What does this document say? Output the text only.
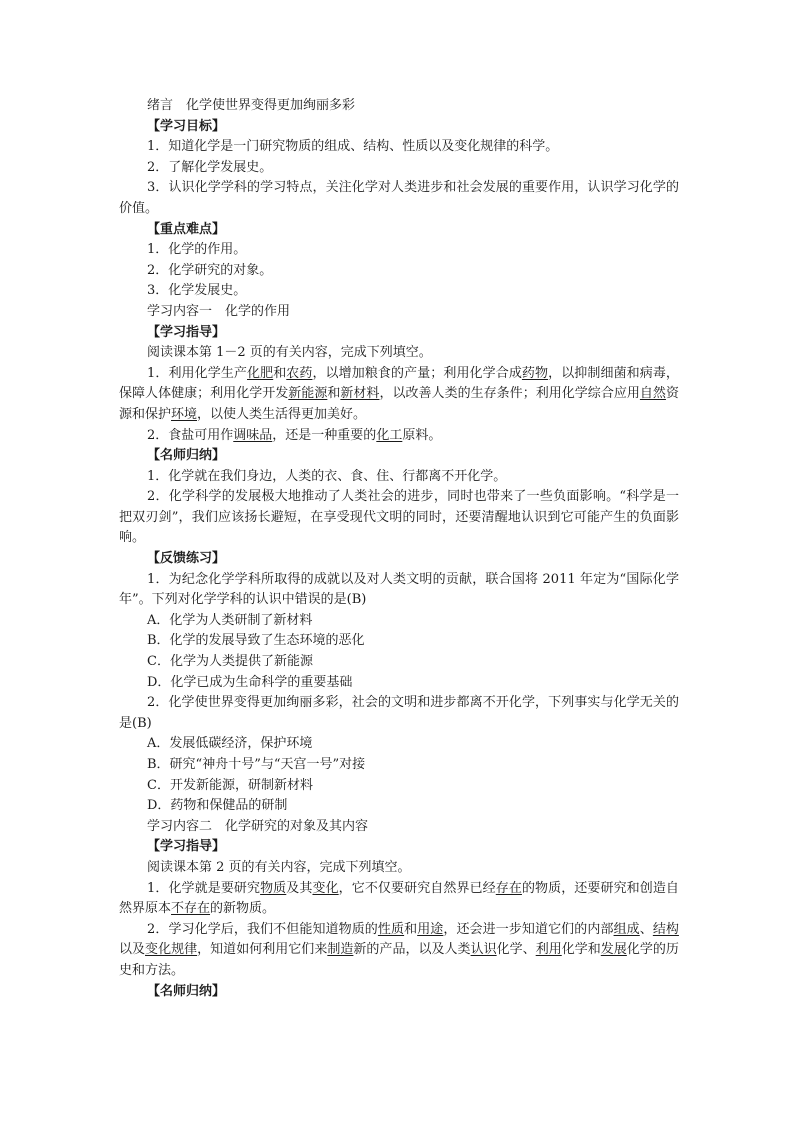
绪言　化学使世界变得更加绚丽多彩

【学习目标】

1．知道化学是一门研究物质的组成、结构、性质以及变化规律的科学。

2．了解化学发展史。

3．认识化学学科的学习特点，关注化学对人类进步和社会发展的重要作用，认识学习化学的价值。

【重点难点】

1．化学的作用。

2．化学研究的对象。

3．化学发展史。

学习内容一　化学的作用

【学习指导】

阅读课本第 1－2 页的有关内容，完成下列填空。

1．利用化学生产化肥和农药，以增加粮食的产量；利用化学合成药物，以抑制细菌和病毒，保障人体健康；利用化学开发新能源和新材料，以改善人类的生存条件；利用化学综合应用自然资源和保护环境，以使人类生活得更加美好。

2．食盐可用作调味品，还是一种重要的化工原料。

【名师归纳】

1．化学就在我们身边，人类的衣、食、住、行都离不开化学。

2．化学科学的发展极大地推动了人类社会的进步，同时也带来了一些负面影响。“科学是一把双刃剑”，我们应该扬长避短，在享受现代文明的同时，还要清醒地认识到它可能产生的负面影响。

【反馈练习】

1．为纪念化学学科所取得的成就以及对人类文明的贡献，联合国将 2011 年定为“国际化学年”。下列对化学学科的认识中错误的是(B)

A．化学为人类研制了新材料

B．化学的发展导致了生态环境的恶化

C．化学为人类提供了新能源

D．化学已成为生命科学的重要基础

2．化学使世界变得更加绚丽多彩，社会的文明和进步都离不开化学，下列事实与化学无关的是(B)

A．发展低碳经济，保护环境

B．研究“神舟十号”与“天宫一号”对接

C．开发新能源，研制新材料

D．药物和保健品的研制

学习内容二　化学研究的对象及其内容

【学习指导】

阅读课本第 2 页的有关内容，完成下列填空。

1．化学就是要研究物质及其变化，它不仅要研究自然界已经存在的物质，还要研究和创造自然界原本不存在的新物质。

2．学习化学后，我们不但能知道物质的性质和用途，还会进一步知道它们的内部组成、结构以及变化规律，知道如何利用它们来制造新的产品，以及人类认识化学、利用化学和发展化学的历史和方法。

【名师归纳】
